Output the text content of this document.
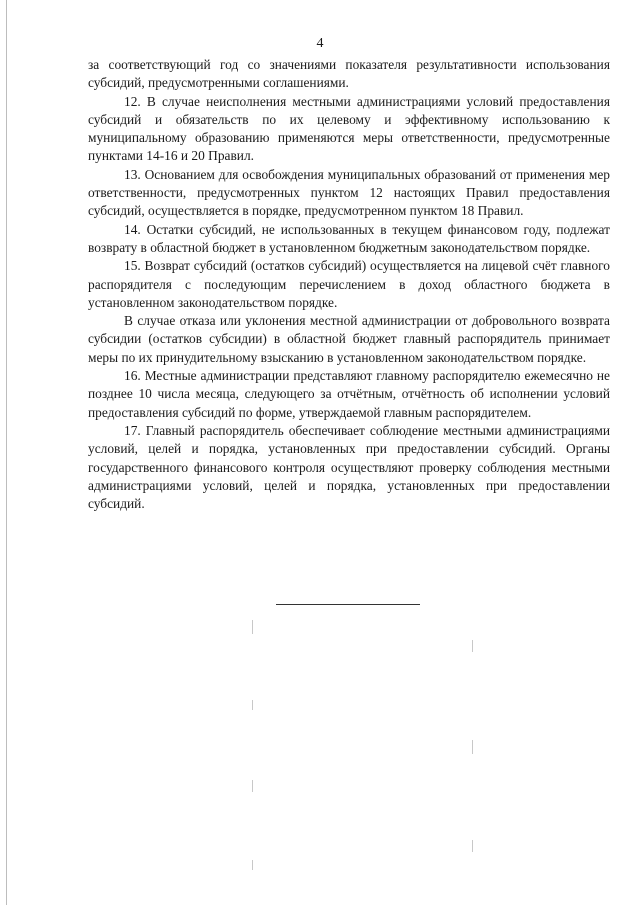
4

за соответствующий год со значениями показателя результативности использования субсидий, предусмотренными соглашениями.

12. В случае неисполнения местными администрациями условий предоставления субсидий и обязательств по их целевому и эффективному использованию к муниципальному образованию применяются меры ответственности, предусмотренные пунктами 14-16 и 20 Правил.

13. Основанием для освобождения муниципальных образований от применения мер ответственности, предусмотренных пунктом 12 настоящих Правил предоставления субсидий, осуществляется в порядке, предусмотренном пунктом 18 Правил.

14. Остатки субсидий, не использованных в текущем финансовом году, подлежат возврату в областной бюджет в установленном бюджетным законодательством порядке.

15. Возврат субсидий (остатков субсидий) осуществляется на лицевой счёт главного распорядителя с последующим перечислением в доход областного бюджета в установленном законодательством порядке.

В случае отказа или уклонения местной администрации от добровольного возврата субсидии (остатков субсидии) в областной бюджет главный распорядитель принимает меры по их принудительному взысканию в установленном законодательством порядке.

16. Местные администрации представляют главному распорядителю ежемесячно не позднее 10 числа месяца, следующего за отчётным, отчётность об исполнении условий предоставления субсидий по форме, утверждаемой главным распорядителем.

17. Главный распорядитель обеспечивает соблюдение местными администрациями условий, целей и порядка, установленных при предоставлении субсидий. Органы государственного финансового контроля осуществляют проверку соблюдения местными администрациями условий, целей и порядка, установленных при предоставлении субсидий.
